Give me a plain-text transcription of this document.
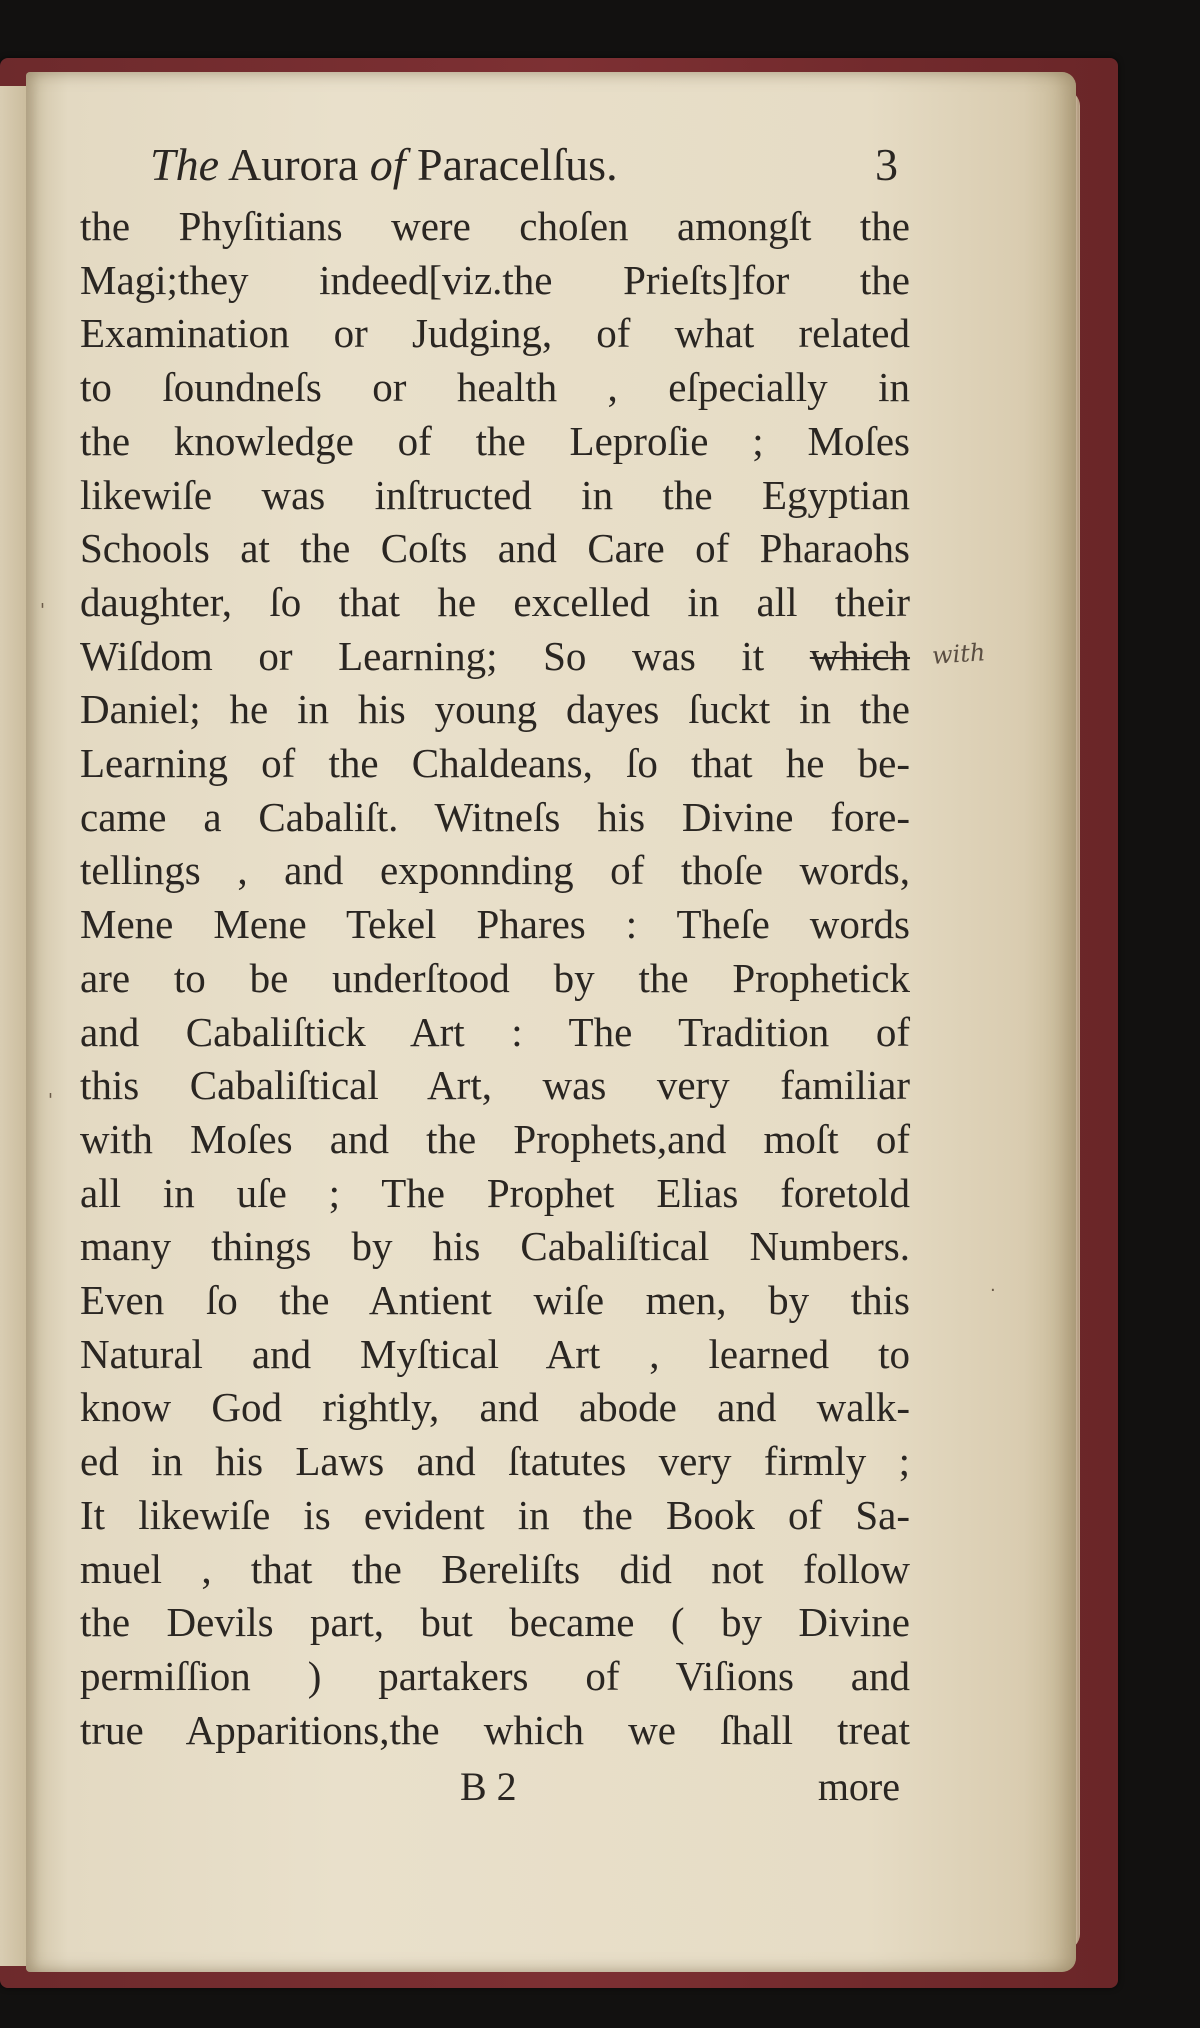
The Aurora of Paracelſus.	3
the Phyſitians were choſen amongſt the
Magi;they indeed[viz.the Prieſts]for the
Examination or Judging, of what related
to ſoundneſs or health , eſpecially in
the knowledge of the Leproſie ; Moſes
likewiſe was inſtructed in the Egyptian
Schools at the Coſts and Care of Pharaohs
daughter, ſo that he excelled in all their
Wiſdom or Learning; So was it which
Daniel; he in his young dayes ſuckt in the
Learning of the Chaldeans, ſo that he be-
came a Cabaliſt. Witneſs his Divine fore-
tellings , and exponnding of thoſe words,
Mene Mene Tekel Phares : Theſe words
are to be underſtood by the Prophetick
and Cabaliſtick Art : The Tradition of
this Cabaliſtical Art, was very familiar
with Moſes and the Prophets,and moſt of
all in uſe ; The Prophet Elias foretold
many things by his Cabaliſtical Numbers.
Even ſo the Antient wiſe men, by this
Natural and Myſtical Art , learned to
know God rightly, and abode and walk-
ed in his Laws and ſtatutes very firmly ;
It likewiſe is evident in the Book of Sa-
muel , that the Bereliſts did not follow
the Devils part, but became ( by Divine
permiſſion ) partakers of Viſions and
true Apparitions,the which we ſhall treat
B 2	more
with
'
'
·
